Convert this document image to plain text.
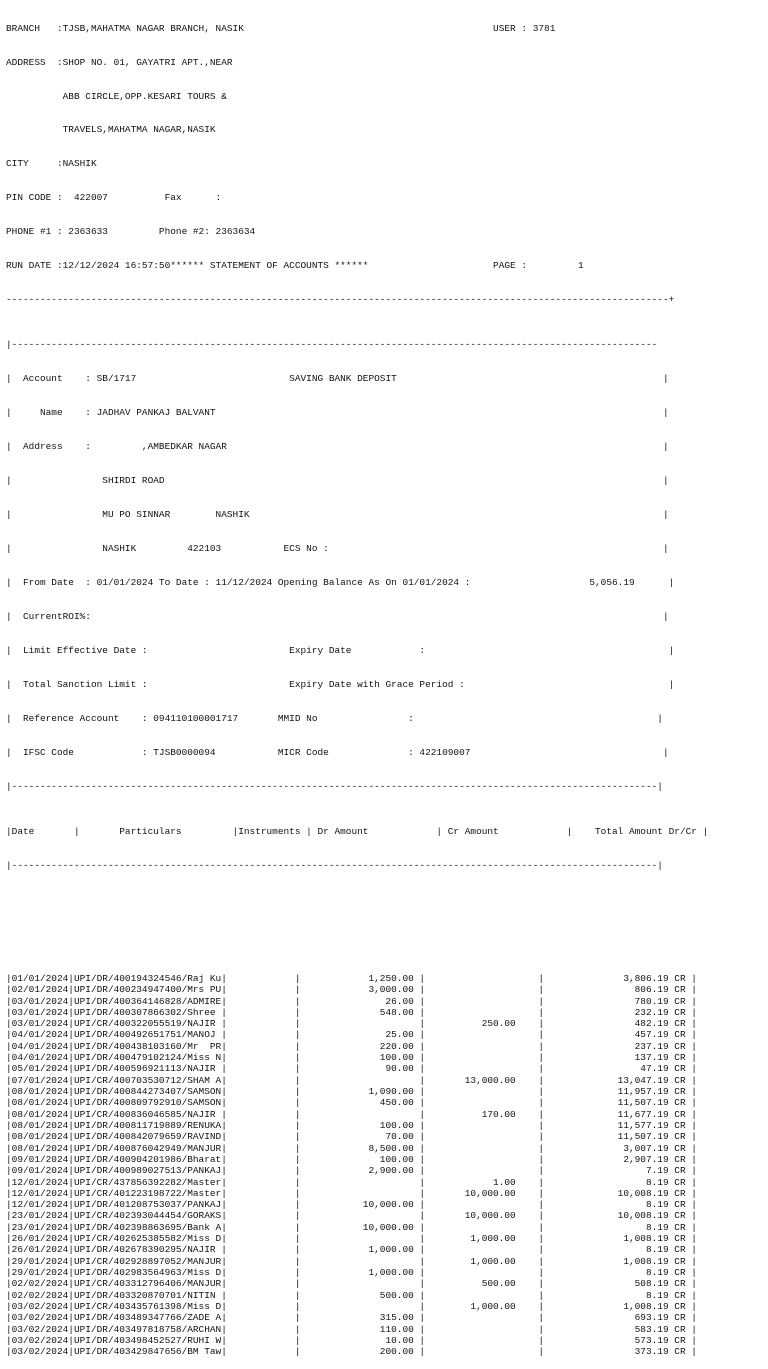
BRANCH   :TJSB,MAHATMA NAGAR BRANCH, NASIK                                            USER : 3781

ADDRESS  :SHOP NO. 01, GAYATRI APT.,NEAR

ABB CIRCLE,OPP.KESARI TOURS &

TRAVELS,MAHATMA NAGAR,NASIK

CITY     :NASHIK

PIN CODE :  422007          Fax      :

PHONE #1 : 2363633         Phone #2: 2363634

RUN DATE :12/12/2024 16:57:50****** STATEMENT OF ACCOUNTS ******                      PAGE :         1

---------------------------------------------------------------------------------------------------------------------+

|------------------------------------------------------------------------------------------------------------------

|  Account    : SB/1717                           SAVING BANK DEPOSIT                                               |

|     Name    : JADHAV PANKAJ BALVANT                                                                               |

|  Address    :         ,AMBEDKAR NAGAR                                                                             |

|                SHIRDI ROAD                                                                                        |

|                MU PO SINNAR        NASHIK                                                                         |

|                NASHIK         422103           ECS No :                                                           |

|  From Date  : 01/01/2024 To Date : 11/12/2024 Opening Balance As On 01/01/2024 :                     5,056.19      |

|  CurrentROI%:                                                                                                     |

|  Limit Effective Date :                         Expiry Date            :                                           |

|  Total Sanction Limit :                         Expiry Date with Grace Period :                                    |

|  Reference Account    : 094110100001717       MMID No                :                                           |

|  IFSC Code            : TJSB0000094           MICR Code              : 422109007                                  |

|------------------------------------------------------------------------------------------------------------------|

|Date       |       Particulars         |Instruments | Dr Amount            | Cr Amount            |    Total Amount Dr/Cr |

|------------------------------------------------------------------------------------------------------------------|

|01/01/2024|UPI/DR/400194324546/Raj Ku|            |            1,250.00 |                    |              3,806.19 CR |
|02/01/2024|UPI/DR/400234947400/Mrs PU|            |            3,000.00 |                    |                806.19 CR |
|03/01/2024|UPI/DR/400364146828/ADMIRE|            |               26.00 |                    |                780.19 CR |
|03/01/2024|UPI/DR/400307866302/Shree |            |              548.00 |                    |                232.19 CR |
|03/01/2024|UPI/CR/400322055519/NAJIR |            |                     |          250.00    |                482.19 CR |
|04/01/2024|UPI/DR/400492651751/MANOJ |            |               25.00 |                    |                457.19 CR |
|04/01/2024|UPI/DR/400438103160/Mr  PR|            |              220.00 |                    |                237.19 CR |
|04/01/2024|UPI/DR/400479102124/Miss N|            |              100.00 |                    |                137.19 CR |
|05/01/2024|UPI/DR/400596921113/NAJIR |            |               90.00 |                    |                 47.19 CR |
|07/01/2024|UPI/CR/400703530712/SHAM A|            |                     |       13,000.00    |             13,047.19 CR |
|08/01/2024|UPI/DR/400844273407/SAMSON|            |            1,090.00 |                    |             11,957.19 CR |
|08/01/2024|UPI/DR/400809792910/SAMSON|            |              450.00 |                    |             11,507.19 CR |
|08/01/2024|UPI/CR/400836046585/NAJIR |            |                     |          170.00    |             11,677.19 CR |
|08/01/2024|UPI/DR/400811719889/RENUKA|            |              100.00 |                    |             11,577.19 CR |
|08/01/2024|UPI/DR/400842079659/RAVIND|            |               70.00 |                    |             11,507.19 CR |
|08/01/2024|UPI/DR/400876042949/MANJUR|            |            8,500.00 |                    |              3,007.19 CR |
|09/01/2024|UPI/DR/400904201986/Bharat|            |              100.00 |                    |              2,907.19 CR |
|09/01/2024|UPI/DR/400989027513/PANKAJ|            |            2,900.00 |                    |                  7.19 CR |
|12/01/2024|UPI/CR/437856392282/Master|            |                     |            1.00    |                  8.19 CR |
|12/01/2024|UPI/CR/401223198722/Master|            |                     |       10,000.00    |             10,008.19 CR |
|12/01/2024|UPI/DR/401208753037/PANKAJ|            |           10,000.00 |                    |                  8.19 CR |
|23/01/2024|UPI/CR/402393044454/GORAKS|            |                     |       10,000.00    |             10,008.19 CR |
|23/01/2024|UPI/DR/402398863695/Bank A|            |           10,000.00 |                    |                  8.19 CR |
|26/01/2024|UPI/CR/402625385582/Miss D|            |                     |        1,000.00    |              1,008.19 CR |
|26/01/2024|UPI/DR/402678390295/NAJIR |            |            1,000.00 |                    |                  8.19 CR |
|29/01/2024|UPI/CR/402928897052/MANJUR|            |                     |        1,000.00    |              1,008.19 CR |
|29/01/2024|UPI/DR/402983564963/Miss D|            |            1,000.00 |                    |                  8.19 CR |
|02/02/2024|UPI/CR/403312796406/MANJUR|            |                     |          500.00    |                508.19 CR |
|02/02/2024|UPI/DR/403320870701/NITIN |            |              500.00 |                    |                  8.19 CR |
|03/02/2024|UPI/CR/403435761398/Miss D|            |                     |        1,000.00    |              1,008.19 CR |
|03/02/2024|UPI/DR/403489347766/ZADE A|            |              315.00 |                    |                693.19 CR |
|03/02/2024|UPI/DR/403497818758/ARCHAN|            |              110.00 |                    |                583.19 CR |
|03/02/2024|UPI/DR/403498452527/RUHI W|            |               10.00 |                    |                573.19 CR |
|03/02/2024|UPI/DR/403429847656/BM Taw|            |              200.00 |                    |                373.19 CR |
